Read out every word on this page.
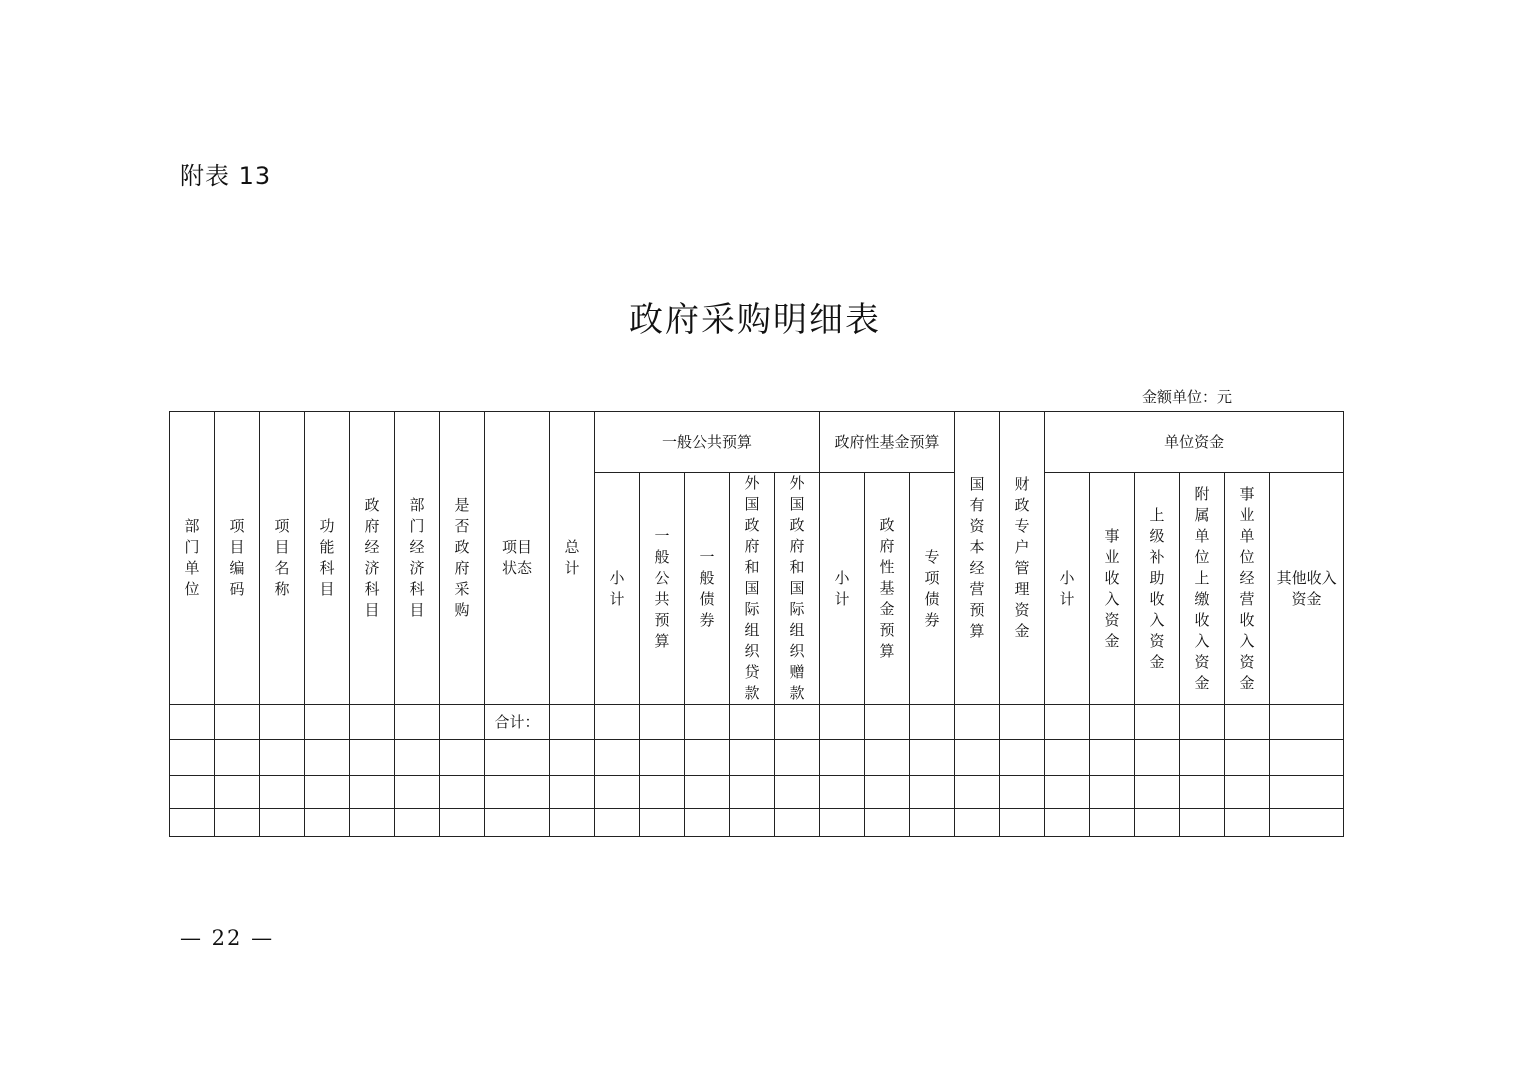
附表 13
政府采购明细表
金额单位：元
部门单位	项目编码	项目名称	功能科目	政府经济科目	部门经济科目	是否政府采购	项目状态	总计	一般公共预算					政府性基金预算			国有资本经营预算	财政专户管理资金	单位资金					
									小计	一般公共预算	一般债券	外国政府和国际组织贷款	外国政府和国际组织赠款	小计	政府性基金预算	专项债券			小计	事业收入资金	上级补助收入资金	附属单位上缴收入资金	事业单位经营收入资金	其他收入资金
							合计：																	

— 22 —
